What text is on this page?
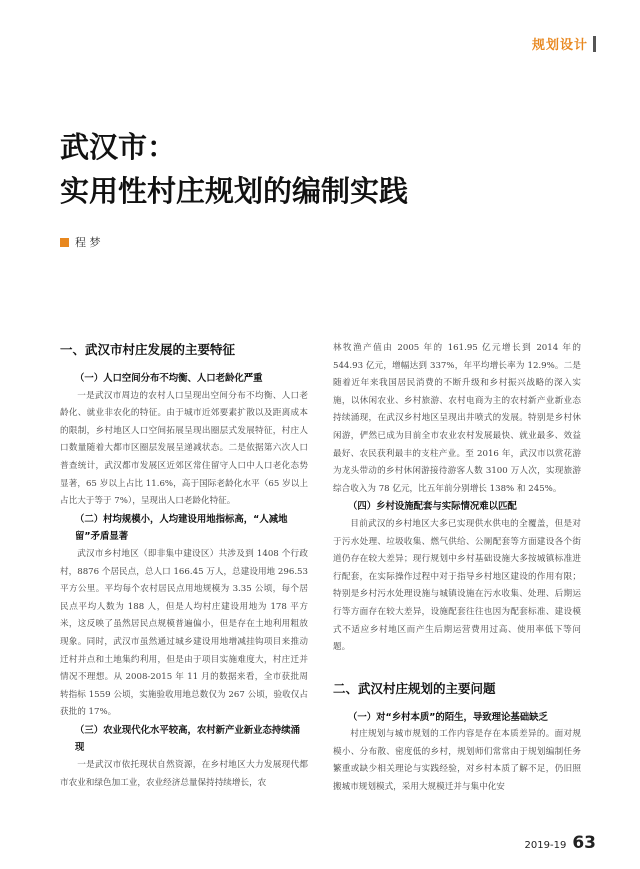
规划设计
武汉市：
实用性村庄规划的编制实践
程 梦
一、武汉市村庄发展的主要特征
（一）人口空间分布不均衡、人口老龄化严重

一是武汉市周边的农村人口呈现出空间分布不均衡、人口老龄化、就业非农化的特征。由于城市近郊要素扩散以及距离成本的限制，乡村地区人口空间拓展呈现出圈层式发展特征，村庄人口数量随着大都市区圈层发展呈递减状态。二是依据第六次人口普查统计，武汉都市发展区近郊区常住留守人口中人口老化态势显著，65 岁以上占比 11.6%，高于国际老龄化水平（65 岁以上占比大于等于 7%），呈现出人口老龄化特征。

（二）村均规模小，人均建设用地指标高，“人减地留”矛盾显著

武汉市乡村地区（即非集中建设区）共涉及到 1408 个行政村，8876 个居民点，总人口 166.45 万人，总建设用地 296.53 平方公里。平均每个农村居民点用地规模为 3.35 公顷，每个居民点平均人数为 188 人，但是人均村庄建设用地为 178 平方米，这反映了虽然居民点规模普遍偏小，但是存在土地利用粗放现象。同时，武汉市虽然通过城乡建设用地增减挂钩项目来推动迁村并点和土地集约利用，但是由于项目实施难度大，村庄迁并情况不理想。从 2008-2015 年 11 月的数据来看，全市获批周转指标 1559 公顷，实施验收用地总数仅为 267 公顷，验收仅占获批的 17%。

（三）农业现代化水平较高，农村新产业新业态持续涌现

一是武汉市依托现状自然资源，在乡村地区大力发展现代都市农业和绿色加工业，农业经济总量保持持续增长，农

林牧渔产值由 2005 年的 161.95 亿元增长到 2014 年的 544.93 亿元，增幅达到 337%，年平均增长率为 12.9%。二是随着近年来我国居民消费的不断升级和乡村振兴战略的深入实施，以休闲农业、乡村旅游、农村电商为主的农村新产业新业态持续涌现，在武汉乡村地区呈现出井喷式的发展。特别是乡村休闲游，俨然已成为目前全市农业农村发展最快、就业最多、效益最好、农民获利最丰的支柱产业。至 2016 年，武汉市以赏花游为龙头带动的乡村休闲游接待游客人数 3100 万人次，实现旅游综合收入为 78 亿元，比五年前分别增长 138% 和 245%。

（四）乡村设施配套与实际情况难以匹配

目前武汉的乡村地区大多已实现供水供电的全覆盖，但是对于污水处理、垃圾收集、燃气供给、公厕配套等方面建设各个街道仍存在较大差异；现行规划中乡村基础设施大多按城镇标准进行配套，在实际操作过程中对于指导乡村地区建设的作用有限；特别是乡村污水处理设施与城镇设施在污水收集、处理、后期运行等方面存在较大差异，设施配套往往也因为配套标准、建设模式不适应乡村地区而产生后期运营费用过高、使用率低下等问题。

二、武汉村庄规划的主要问题
（一）对“乡村本质”的陌生，导致理论基础缺乏

村庄规划与城市规划的工作内容是存在本质差异的。面对规模小、分布散、密度低的乡村，规划师们常常由于规划编制任务繁重或缺少相关理论与实践经验，对乡村本质了解不足，仍旧照搬城市规划模式，采用大规模迁并与集中化安

2019-19 63
